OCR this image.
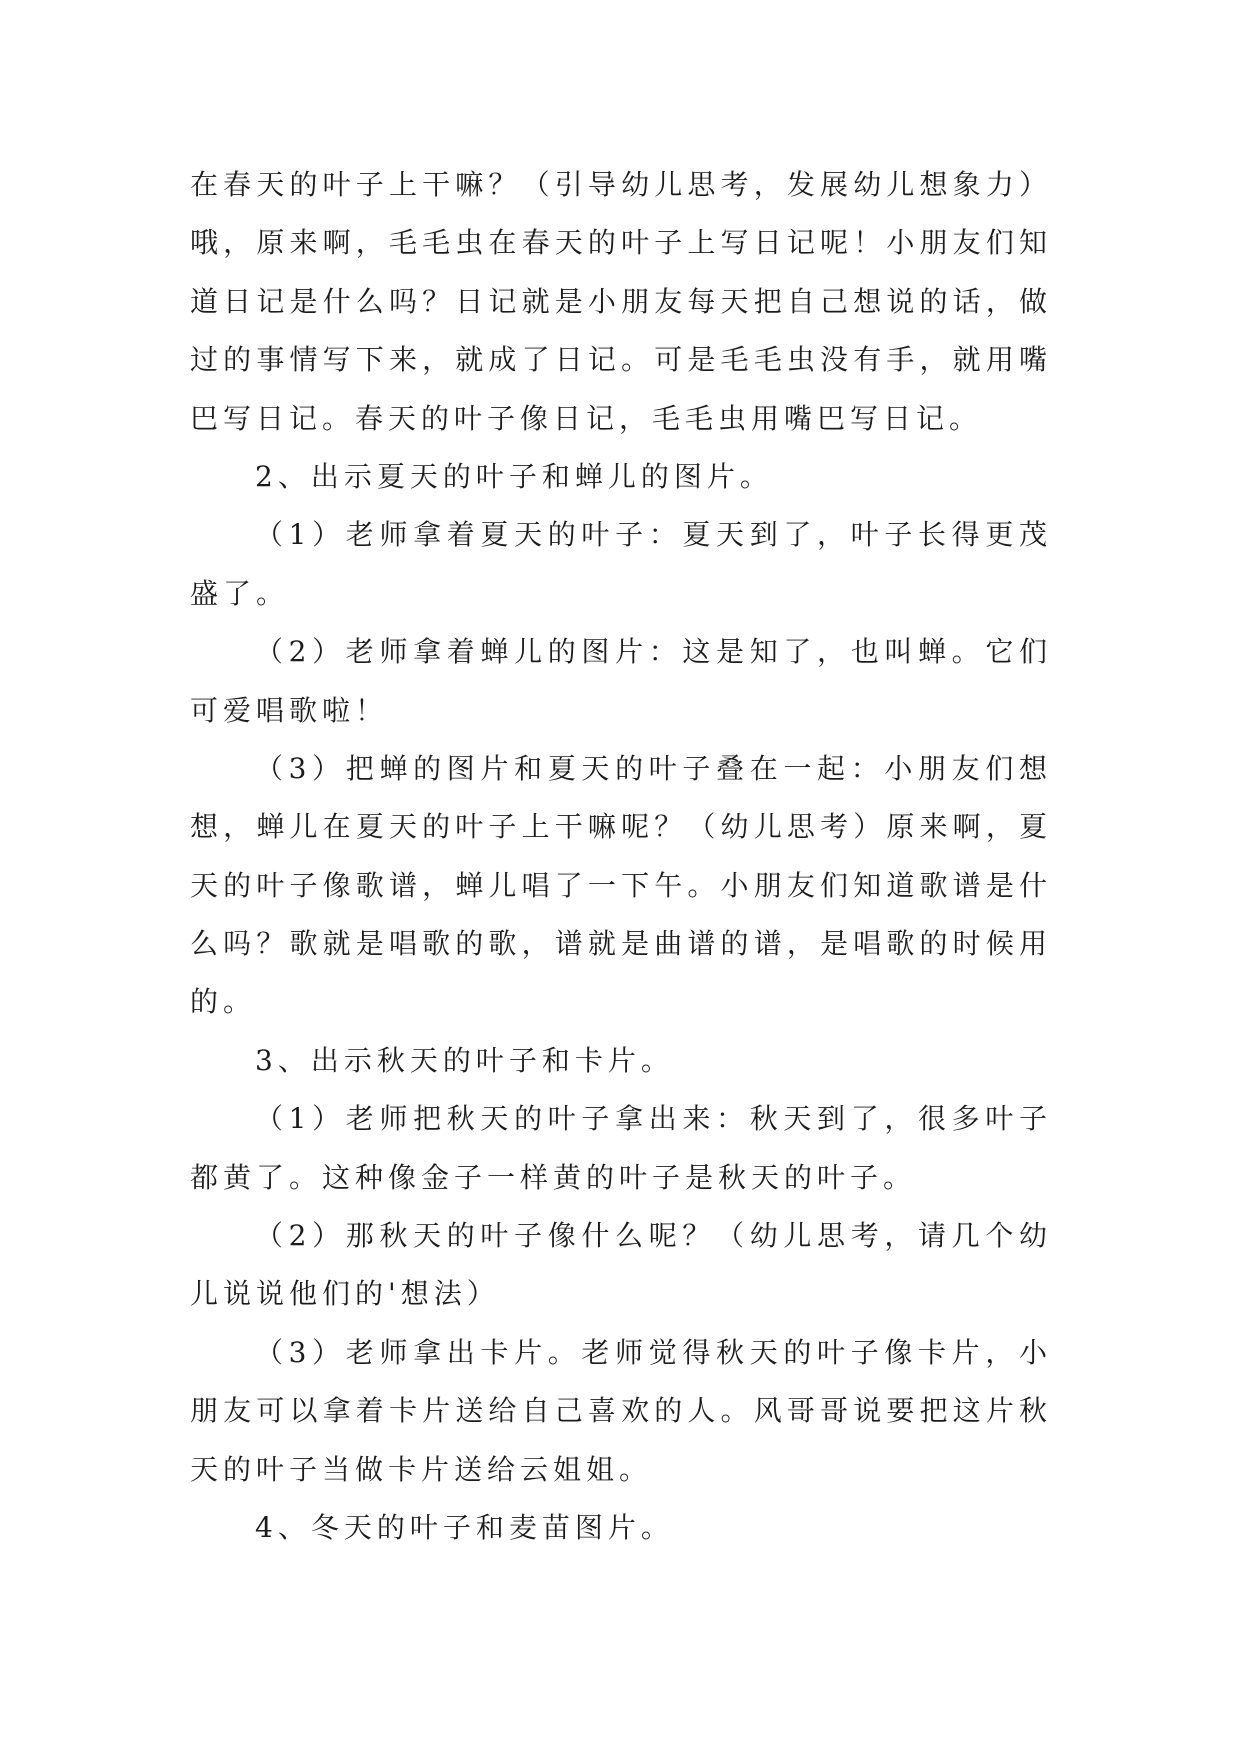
在春天的叶子上干嘛？（引导幼儿思考，发展幼儿想象力）
哦，原来啊，毛毛虫在春天的叶子上写日记呢！小朋友们知
道日记是什么吗？日记就是小朋友每天把自己想说的话，做
过的事情写下来，就成了日记。可是毛毛虫没有手，就用嘴
巴写日记。春天的叶子像日记，毛毛虫用嘴巴写日记。
2、出示夏天的叶子和蝉儿的图片。
（1）老师拿着夏天的叶子：夏天到了，叶子长得更茂
盛了。
（2）老师拿着蝉儿的图片：这是知了，也叫蝉。它们
可爱唱歌啦！
（3）把蝉的图片和夏天的叶子叠在一起：小朋友们想
想，蝉儿在夏天的叶子上干嘛呢？（幼儿思考）原来啊，夏
天的叶子像歌谱，蝉儿唱了一下午。小朋友们知道歌谱是什
么吗？歌就是唱歌的歌，谱就是曲谱的谱，是唱歌的时候用
的。
3、出示秋天的叶子和卡片。
（1）老师把秋天的叶子拿出来：秋天到了，很多叶子
都黄了。这种像金子一样黄的叶子是秋天的叶子。
（2）那秋天的叶子像什么呢？（幼儿思考，请几个幼
儿说说他们的'想法）
（3）老师拿出卡片。老师觉得秋天的叶子像卡片，小
朋友可以拿着卡片送给自己喜欢的人。风哥哥说要把这片秋
天的叶子当做卡片送给云姐姐。
4、冬天的叶子和麦苗图片。
